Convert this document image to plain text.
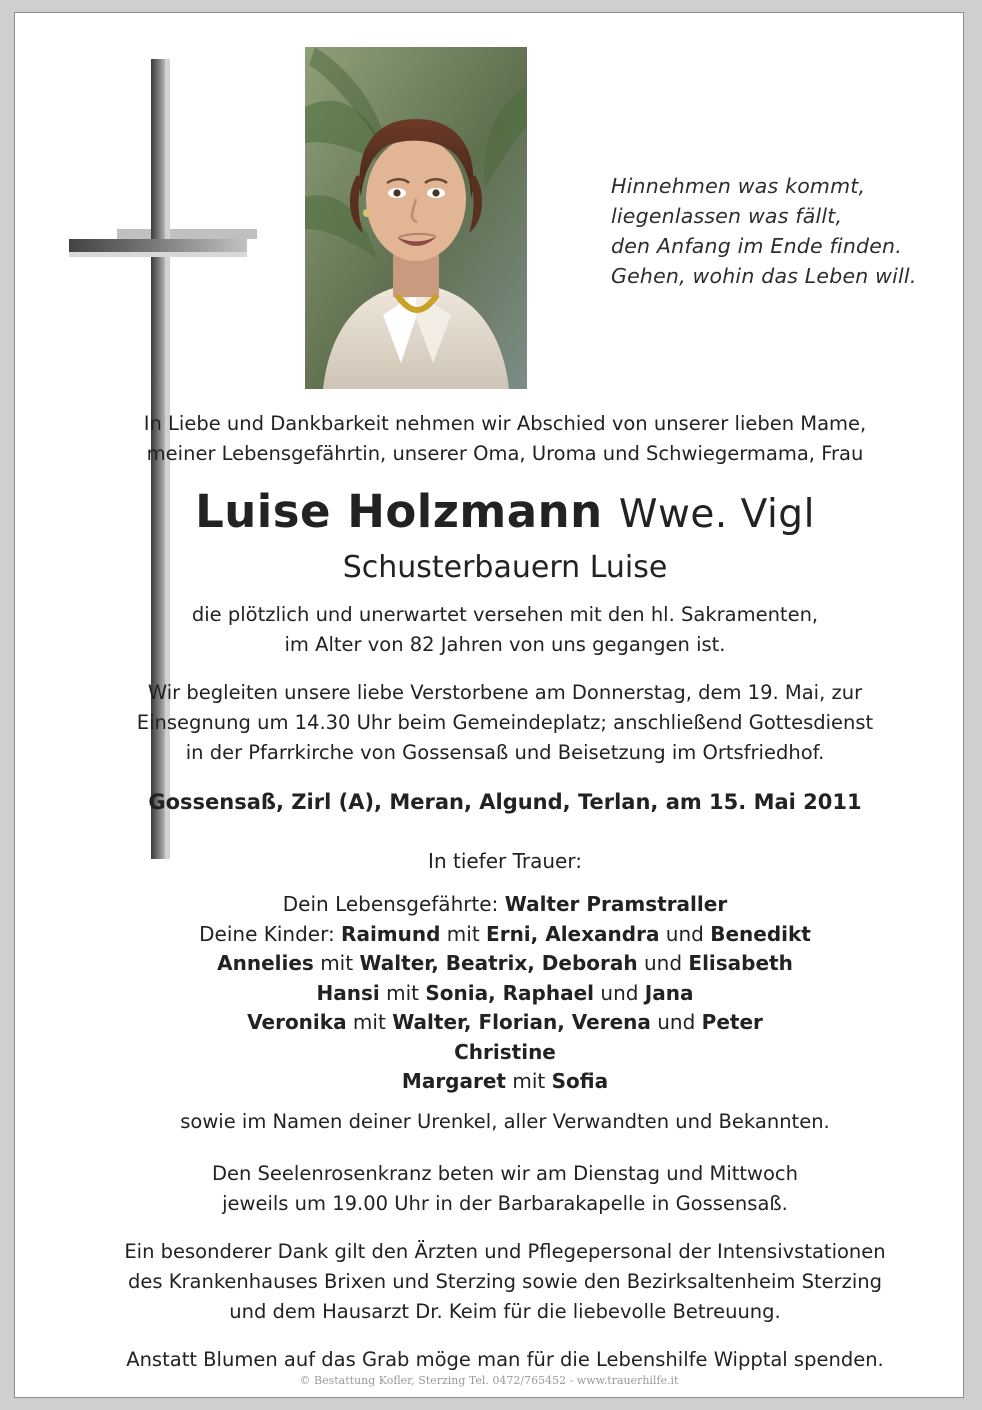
Hinnehmen was kommt,
liegenlassen was fällt,
den Anfang im Ende finden.
Gehen, wohin das Leben will.
In Liebe und Dankbarkeit nehmen wir Abschied von unserer lieben Mame,
meiner Lebensgefährtin, unserer Oma, Uroma und Schwiegermama, Frau
Luise Holzmann Wwe. Vigl
Schusterbauern Luise
die plötzlich und unerwartet versehen mit den hl. Sakramenten,
im Alter von 82 Jahren von uns gegangen ist.
Wir begleiten unsere liebe Verstorbene am Donnerstag, dem 19. Mai, zur
Einsegnung um 14.30 Uhr beim Gemeindeplatz; anschließend Gottesdienst
in der Pfarrkirche von Gossensaß und Beisetzung im Ortsfriedhof.
Gossensaß, Zirl (A), Meran, Algund, Terlan, am 15. Mai 2011
In tiefer Trauer:
Dein Lebensgefährte: Walter Pramstraller
Deine Kinder: Raimund mit Erni, Alexandra und Benedikt
Annelies mit Walter, Beatrix, Deborah und Elisabeth
Hansi mit Sonia, Raphael und Jana
Veronika mit Walter, Florian, Verena und Peter
Christine
Margaret mit Sofia
sowie im Namen deiner Urenkel, aller Verwandten und Bekannten.
Den Seelenrosenkranz beten wir am Dienstag und Mittwoch
jeweils um 19.00 Uhr in der Barbarakapelle in Gossensaß.
Ein besonderer Dank gilt den Ärzten und Pflegepersonal der Intensivstationen
des Krankenhauses Brixen und Sterzing sowie den Bezirksaltenheim Sterzing
und dem Hausarzt Dr. Keim für die liebevolle Betreuung.
Anstatt Blumen auf das Grab möge man für die Lebenshilfe Wipptal spenden.
© Bestattung Kofler, Sterzing Tel. 0472/765452 - www.trauerhilfe.it
